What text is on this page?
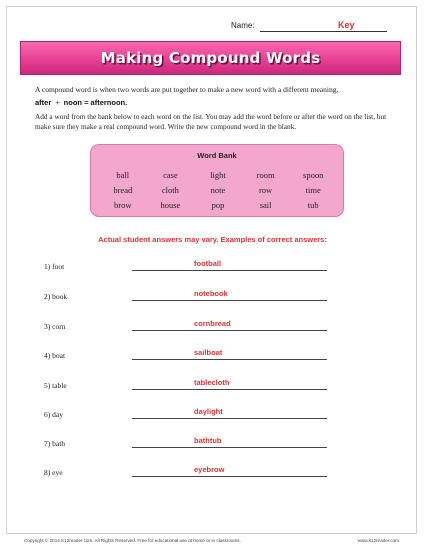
Name:	Key
Making Compound Words
A compound word is when two words are put together to make a new word with a different meaning.
after + noon = afternoon.
Add a word from the bank below to each word on the list. You may add the word before or after the word on the list, but make sure they make a real compound word. Write the new compound word in the blank.
Word Bank
ball	case	light	room	spoon
bread	cloth	note	row	time
brow	house	pop	sail	tub
Actual student answers may vary. Examples of correct answers:
1) foot	football
2) book	notebook
3) corn	cornbread
4) boat	sailboat
5) table	tablecloth
6) day	daylight
7) bath	bathtub
8) eye	eyebrow
Copyright © 2014 K12reader.com. All Rights Reserved. Free for educational use at home or in classrooms.	www.k12reader.com
